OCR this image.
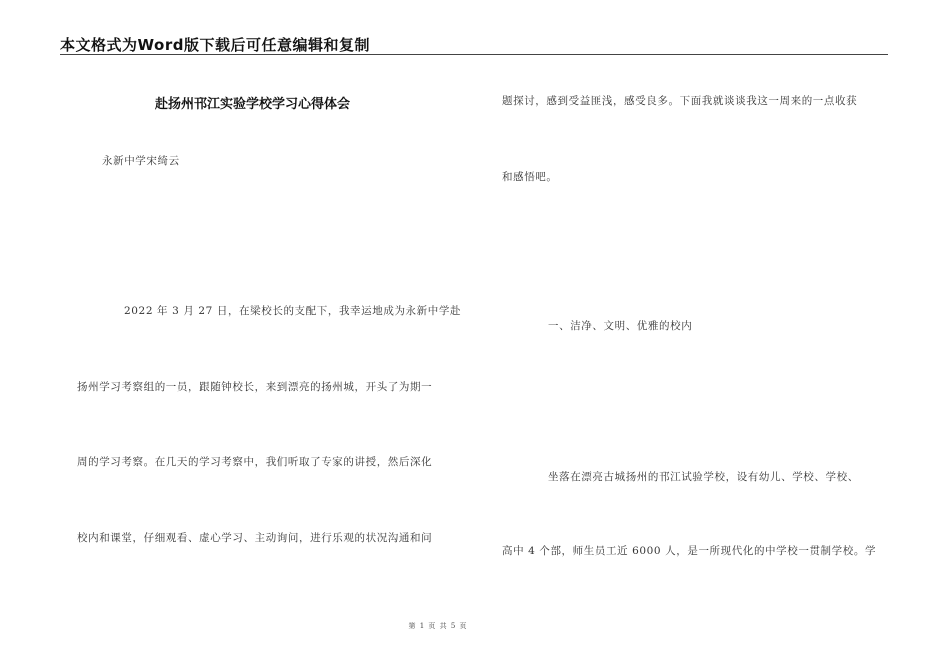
本文格式为Word版下载后可任意编辑和复制
赴扬州邗江实验学校学习心得体会
永新中学宋绮云
2022 年 3 月 27 日，在梁校长的支配下，我幸运地成为永新中学赴
扬州学习考察组的一员，跟随钟校长，来到漂亮的扬州城，开头了为期一
周的学习考察。在几天的学习考察中，我们听取了专家的讲授，然后深化
校内和课堂，仔细观看、虚心学习、主动询问，进行乐观的状况沟通和问
题探讨，感到受益匪浅，感受良多。下面我就谈谈我这一周来的一点收获
和感悟吧。
一、洁净、文明、优雅的校内
坐落在漂亮古城扬州的邗江试验学校，设有幼儿、学校、学校、
高中 4 个部，师生员工近 6000 人，是一所现代化的中学校一贯制学校。学
第 1 页 共 5 页
